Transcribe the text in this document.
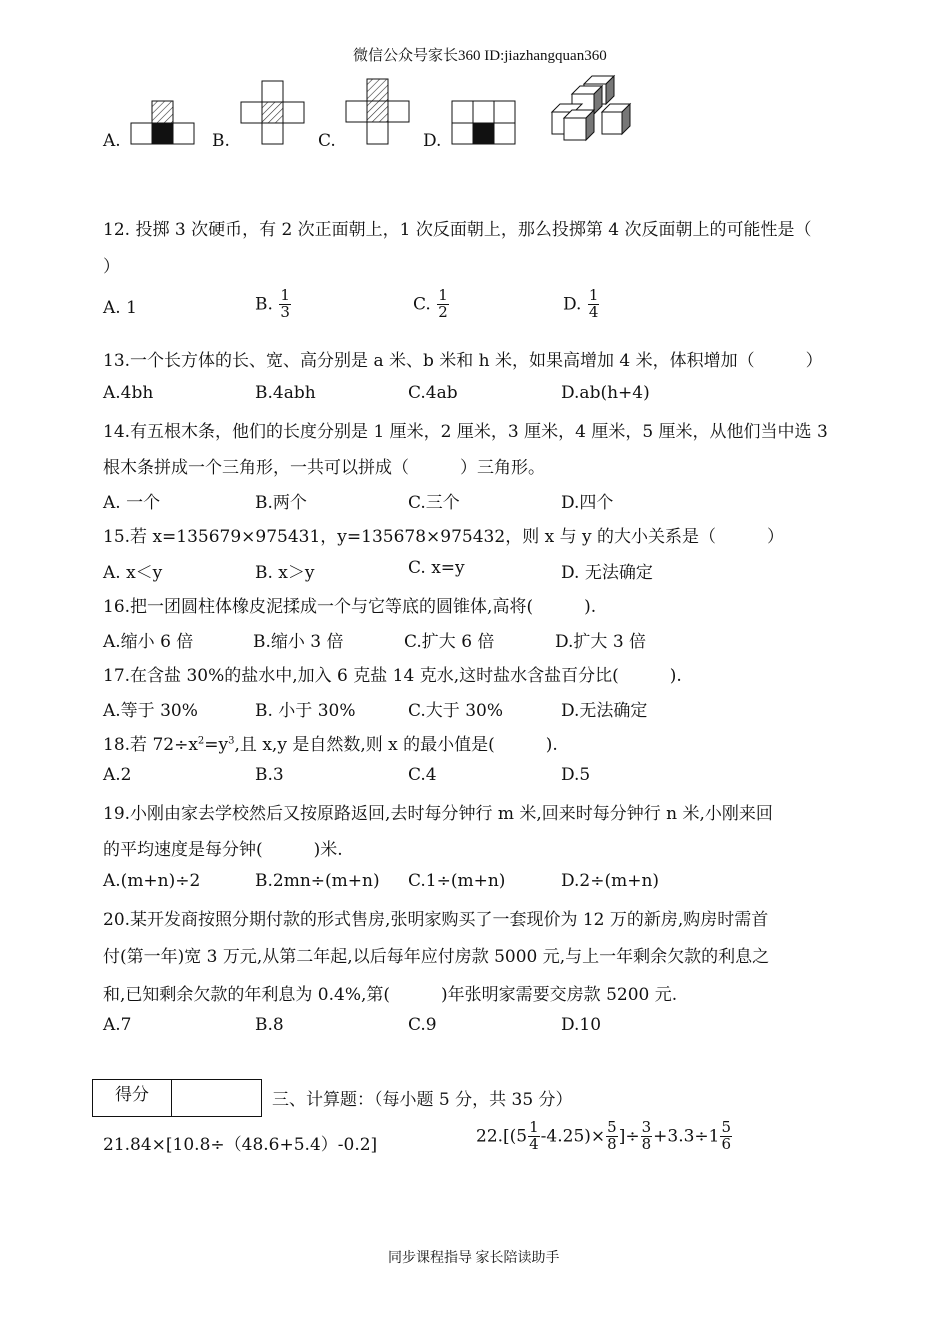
微信公众号家长360 ID:jiazhangquan360
A.	B.	C.	D.
12. 投掷 3 次硬币，有 2 次正面朝上，1 次反面朝上，那么投掷第 4 次反面朝上的可能性是（
）
A. 1	B. $\frac{1}{3}$	C. $\frac{1}{2}$	D. $\frac{1}{4}$
13.一个长方体的长、宽、高分别是 a 米、b 米和 h 米，如果高增加 4 米，体积增加（　　　）
A.4bh	B.4abh	C.4ab	D.ab(h+4)
14.有五根木条，他们的长度分别是 1 厘米，2 厘米，3 厘米，4 厘米，5 厘米，从他们当中选 3
根木条拼成一个三角形，一共可以拼成（　　　）三角形。
A. 一个	B.两个	C.三个	D.四个
15.若 x=135679×975431，y=135678×975432，则 x 与 y 的大小关系是（　　　）
A. x＜y	B. x＞y	C. x=y	D. 无法确定
16.把一团圆柱体橡皮泥揉成一个与它等底的圆锥体,高将(　　　).
A.缩小 6 倍	B.缩小 3 倍	C.扩大 6 倍	D.扩大 3 倍
17.在含盐 30%的盐水中,加入 6 克盐 14 克水,这时盐水含盐百分比(　　　).
A.等于 30%	B. 小于 30%	C.大于 30%	D.无法确定
18.若 $72\div x^2=y^3$,且 x,y 是自然数,则 x 的最小值是(　　　).
A.2	B.3	C.4	D.5
19.小刚由家去学校然后又按原路返回,去时每分钟行 m 米,回来时每分钟行 n 米,小刚来回
的平均速度是每分钟(　　　)米.
A.(m+n)÷2	B.2mn÷(m+n) C.1÷(m+n)	D.2÷(m+n)
20.某开发商按照分期付款的形式售房,张明家购买了一套现价为 12 万的新房,购房时需首
付(第一年)宽 3 万元,从第二年起,以后每年应付房款 5000 元,与上一年剩余欠款的利息之
和,已知剩余欠款的年利息为 0.4%,第(　　　)年张明家需要交房款 5200 元.
A.7	B.8	C.9	D.10
得分	三、计算题：（每小题 5 分，共 35 分）
21.84×[10.8÷（48.6+5.4）-0.2]	$22.[(5 \frac{1}{4} -4.25)\times \frac{5}{8}$ ]÷ $\frac{3}{8} +3.3\div 1 \frac{5}{6}$
同步课程指导 家长陪读助手
